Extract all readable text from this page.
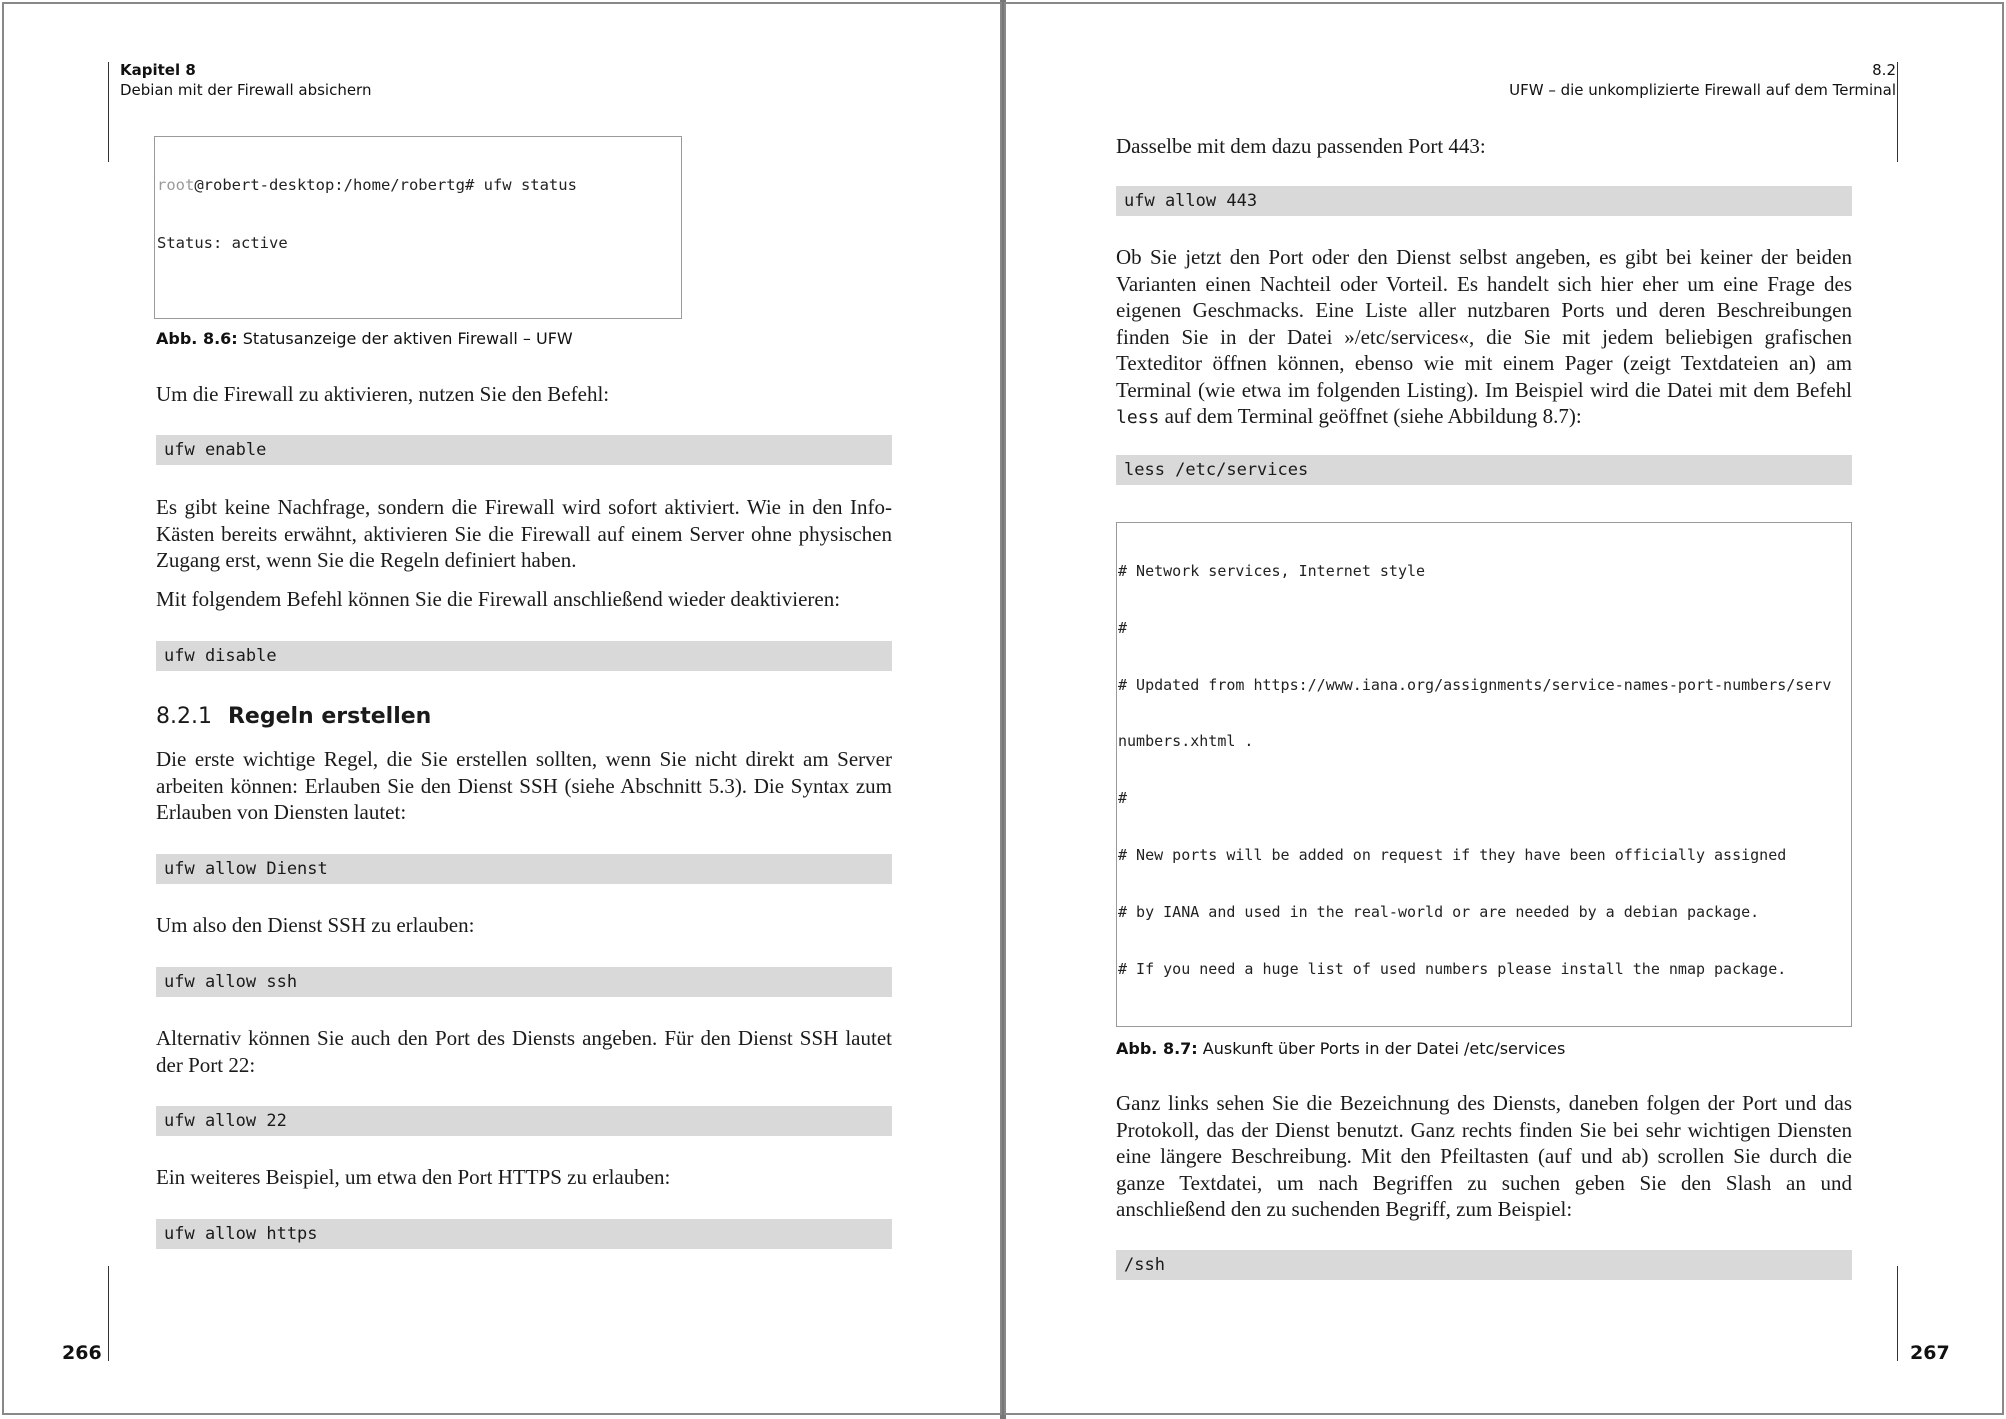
Kapitel 8
Debian mit der Firewall absichern

root@robert-desktop:/home/robertg# ufw status

Status: active

Abb. 8.6: Statusanzeige der aktiven Firewall – UFW

Um die Firewall zu aktivieren, nutzen Sie den Befehl:

ufw enable

Es gibt keine Nachfrage, sondern die Firewall wird sofort aktiviert. Wie in den Info-Kästen bereits erwähnt, aktivieren Sie die Firewall auf einem Server ohne physischen Zugang erst, wenn Sie die Regeln definiert haben.

Mit folgendem Befehl können Sie die Firewall anschließend wieder deaktivieren:

ufw disable
8.2.1 Regeln erstellen

Die erste wichtige Regel, die Sie erstellen sollten, wenn Sie nicht direkt am Server arbeiten können: Erlauben Sie den Dienst SSH (siehe Abschnitt 5.3). Die Syntax zum Erlauben von Diensten lautet:

ufw allow Dienst

Um also den Dienst SSH zu erlauben:

ufw allow ssh

Alternativ können Sie auch den Port des Diensts angeben. Für den Dienst SSH lautet der Port 22:

ufw allow 22

Ein weiteres Beispiel, um etwa den Port HTTPS zu erlauben:

ufw allow https
266
8.2
UFW – die unkomplizierte Firewall auf dem Terminal

Dasselbe mit dem dazu passenden Port 443:

ufw allow 443

Ob Sie jetzt den Port oder den Dienst selbst angeben, es gibt bei keiner der beiden Varianten einen Nachteil oder Vorteil. Es handelt sich hier eher um eine Frage des eigenen Geschmacks. Eine Liste aller nutzbaren Ports und deren Beschreibungen finden Sie in der Datei »/etc/services«, die Sie mit jedem beliebigen grafischen Texteditor öffnen können, ebenso wie mit einem Pager (zeigt Textdateien an) am Terminal (wie etwa im folgenden Listing). Im Beispiel wird die Datei mit dem Befehl less auf dem Terminal geöffnet (siehe Abbildung 8.7):

less /etc/services

# Network services, Internet style

#

# Updated from https://www.iana.org/assignments/service-names-port-numbers/serv

numbers.xhtml .

#

# New ports will be added on request if they have been officially assigned

# by IANA and used in the real-world or are needed by a debian package.

# If you need a huge list of used numbers please install the nmap package.

Abb. 8.7: Auskunft über Ports in der Datei /etc/services

Ganz links sehen Sie die Bezeichnung des Diensts, daneben folgen der Port und das Protokoll, das der Dienst benutzt. Ganz rechts finden Sie bei sehr wichtigen Diensten eine längere Beschreibung. Mit den Pfeiltasten (auf und ab) scrollen Sie durch die ganze Textdatei, um nach Begriffen zu suchen geben Sie den Slash an und anschließend den zu suchenden Begriff, zum Beispiel:

/ssh
267
